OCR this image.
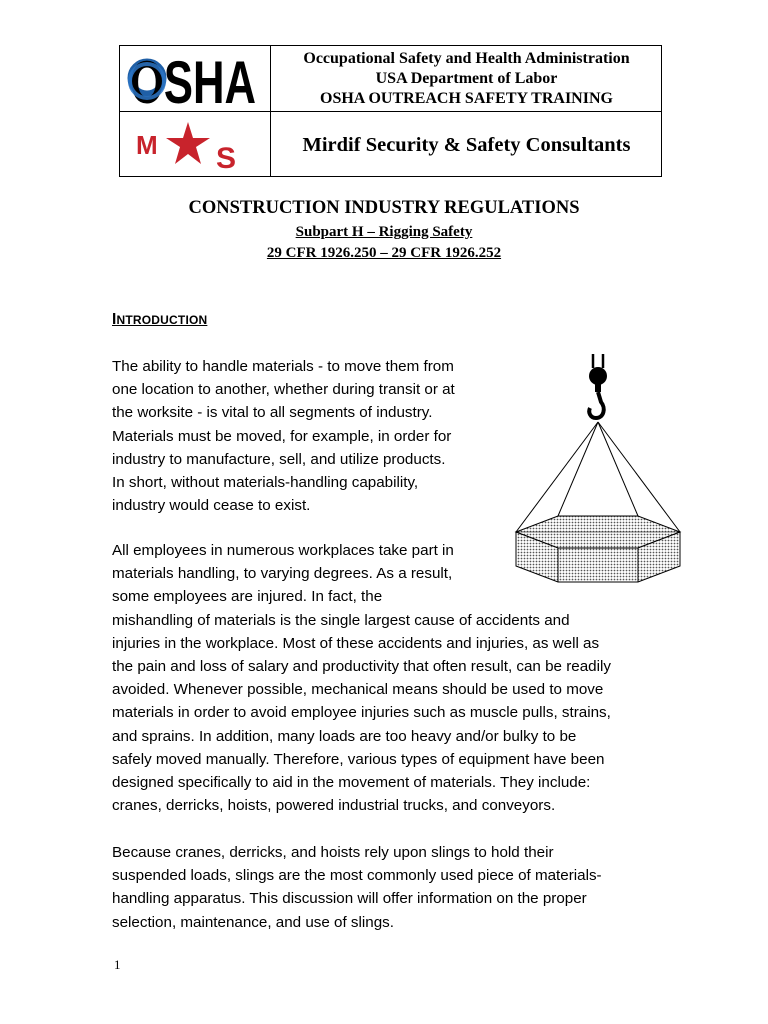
OSHA
M S
Occupational Safety and Health Administration
USA Department of Labor
OSHA OUTREACH SAFETY TRAINING
Mirdif Security & Safety Consultants
CONSTRUCTION INDUSTRY REGULATIONS
Subpart H – Rigging Safety
29 CFR 1926.250 – 29 CFR 1926.252
INTRODUCTION
The ability to handle materials - to move them from
one location to another, whether during transit or at
the worksite - is vital to all segments of industry.
Materials must be moved, for example, in order for
industry to manufacture, sell, and utilize products.
In short, without materials-handling capability,
industry would cease to exist.
All employees in numerous workplaces take part in
materials handling, to varying degrees. As a result,
some employees are injured. In fact, the
mishandling of materials is the single largest cause of accidents and
injuries in the workplace. Most of these accidents and injuries, as well as
the pain and loss of salary and productivity that often result, can be readily
avoided. Whenever possible, mechanical means should be used to move
materials in order to avoid employee injuries such as muscle pulls, strains,
and sprains. In addition, many loads are too heavy and/or bulky to be
safely moved manually. Therefore, various types of equipment have been
designed specifically to aid in the movement of materials. They include:
cranes, derricks, hoists, powered industrial trucks, and conveyors.
Because cranes, derricks, and hoists rely upon slings to hold their
suspended loads, slings are the most commonly used piece of materials-
handling apparatus. This discussion will offer information on the proper
selection, maintenance, and use of slings.
1
